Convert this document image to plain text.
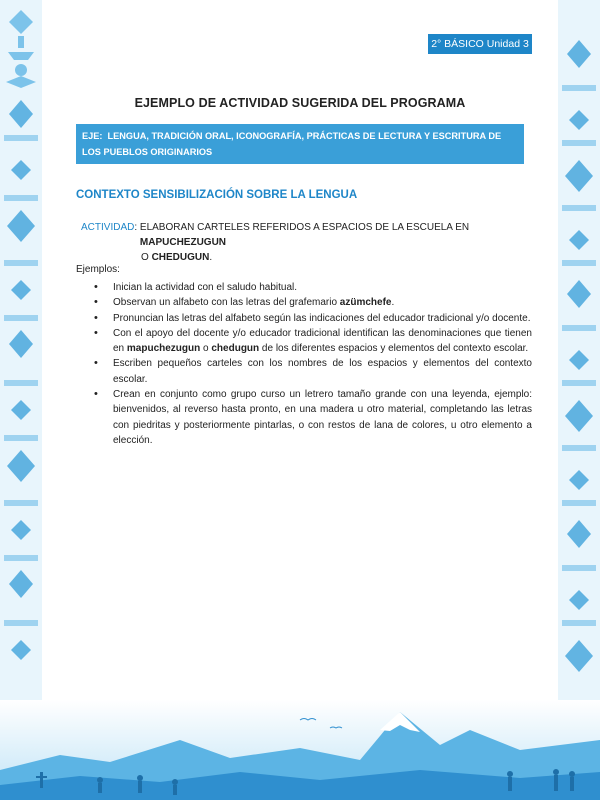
2° BÁSICO Unidad 3
EJEMPLO DE ACTIVIDAD SUGERIDA DEL PROGRAMA
EJE: LENGUA, TRADICIÓN ORAL, ICONOGRAFÍA, PRÁCTICAS DE LECTURA Y ESCRITURA DE LOS PUEBLOS ORIGINARIOS
CONTEXTO SENSIBILIZACIÓN SOBRE LA LENGUA
ACTIVIDAD : ELABORAN CARTELES REFERIDOS A ESPACIOS DE LA ESCUELA EN MAPUCHEZUGUN
O CHEDUGUN.
Ejemplos:
• Inician la actividad con el saludo habitual.
• Observan un alfabeto con las letras del grafemario azümchefe.
• Pronuncian las letras del alfabeto según las indicaciones del educador tradicional y/o docente.
• Con el apoyo del docente y/o educador tradicional identifican las denominaciones que tienen en mapuchezugun o chedugun de los diferentes espacios y elementos del contexto escolar.
• Escriben pequeños carteles con los nombres de los espacios y elementos del contexto escolar.
• Crean en conjunto como grupo curso un letrero tamaño grande con una leyenda, ejemplo: bienvenidos, al reverso hasta pronto, en una madera u otro material, completando las letras con piedritas y posteriormente pintarlas, o con restos de lana de colores, u otro elemento a elección.
